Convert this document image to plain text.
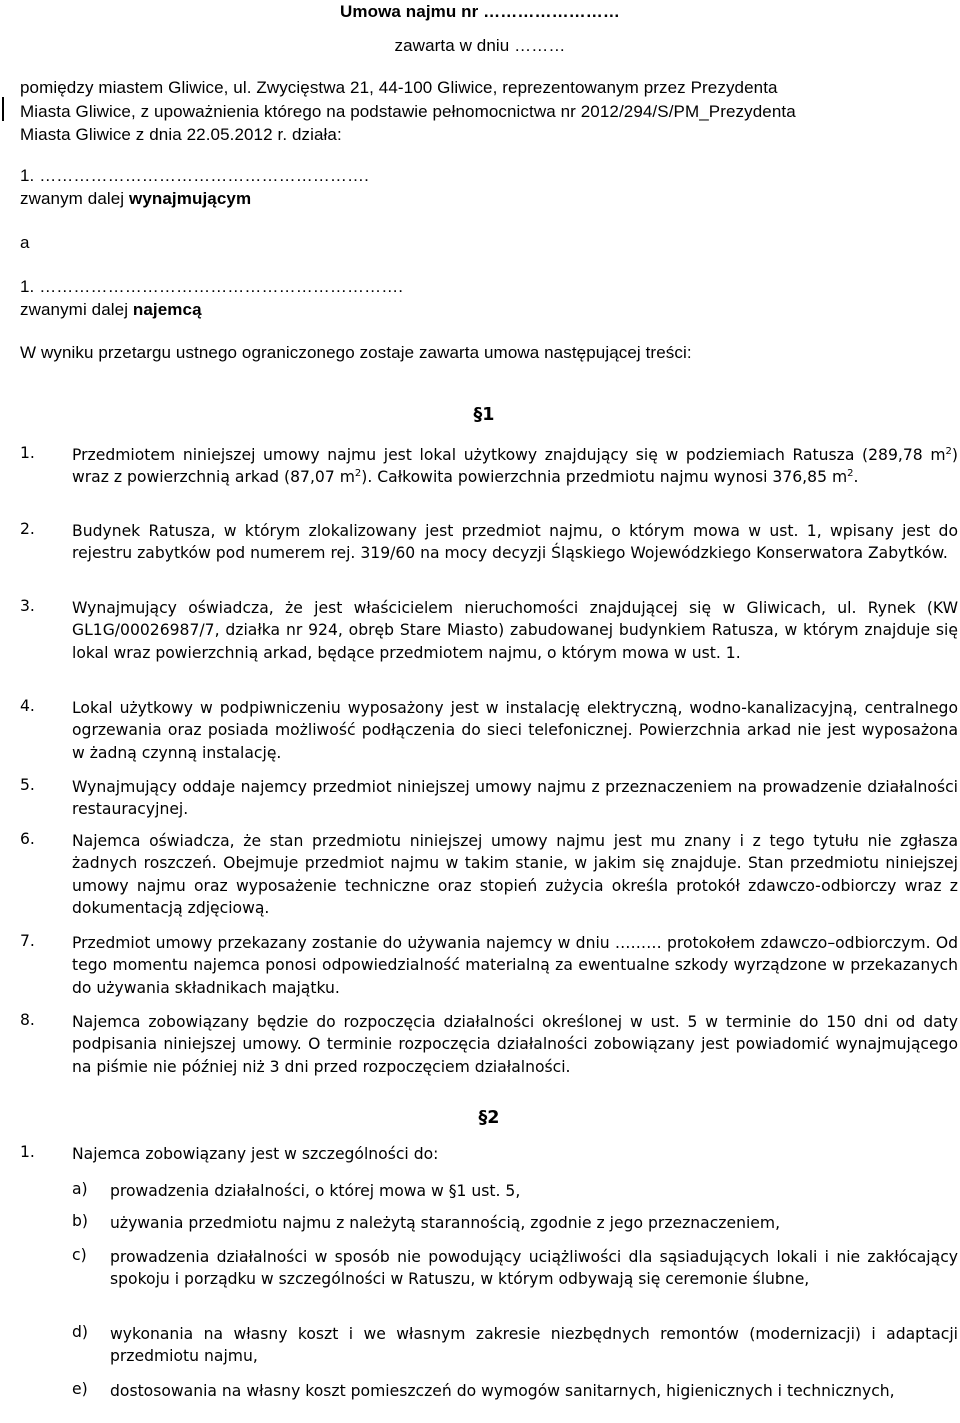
Umowa najmu nr ……………………
zawarta w dniu ………
pomiędzy miastem Gliwice, ul. Zwycięstwa 21, 44-100 Gliwice, reprezentowanym przez Prezydenta
Miasta Gliwice, z upoważnienia którego na podstawie pełnomocnictwa nr 2012/294/S/PM_Prezydenta
Miasta Gliwice z dnia 22.05.2012 r. działa:
1. ………………………………………………….
zwanym dalej wynajmującym
a
1. ……………………………………………………….
zwanymi dalej najemcą
W wyniku przetargu ustnego ograniczonego zostaje zawarta umowa następującej treści:
§1
1. Przedmiotem niniejszej umowy najmu jest lokal użytkowy znajdujący się w podziemiach Ratusza (289,78 $m^2$) wraz z powierzchnią arkad (87,07 $m^2$). Całkowita powierzchnia przedmiotu najmu wynosi 376,85 $m^2$.
2. Budynek Ratusza, w którym zlokalizowany jest przedmiot najmu, o którym mowa w ust. 1, wpisany jest do rejestru zabytków pod numerem rej. 319/60 na mocy decyzji Śląskiego Wojewódzkiego Konserwatora Zabytków.
3. Wynajmujący oświadcza, że jest właścicielem nieruchomości znajdującej się w Gliwicach, ul. Rynek (KW GL1G/00026987/7, działka nr 924, obręb Stare Miasto) zabudowanej budynkiem Ratusza, w którym znajduje się lokal wraz powierzchnią arkad, będące przedmiotem najmu, o którym mowa w ust. 1.
4. Lokal użytkowy w podpiwniczeniu wyposażony jest w instalację elektryczną, wodno-kanalizacyjną, centralnego ogrzewania oraz posiada możliwość podłączenia do sieci telefonicznej. Powierzchnia arkad nie jest wyposażona w żadną czynną instalację.
5. Wynajmujący oddaje najemcy przedmiot niniejszej umowy najmu z przeznaczeniem na prowadzenie działalności restauracyjnej.
6. Najemca oświadcza, że stan przedmiotu niniejszej umowy najmu jest mu znany i z tego tytułu nie zgłasza żadnych roszczeń. Obejmuje przedmiot najmu w takim stanie, w jakim się znajduje. Stan przedmiotu niniejszej umowy najmu oraz wyposażenie techniczne oraz stopień zużycia określa protokół zdawczo-odbiorczy wraz z dokumentacją zdjęciową.
7. Przedmiot umowy przekazany zostanie do używania najemcy w dniu ……… protokołem zdawczo–odbiorczym. Od tego momentu najemca ponosi odpowiedzialność materialną za ewentualne szkody wyrządzone w przekazanych do używania składnikach majątku.
8. Najemca zobowiązany będzie do rozpoczęcia działalności określonej w ust. 5 w terminie do 150 dni od daty podpisania niniejszej umowy. O terminie rozpoczęcia działalności zobowiązany jest powiadomić wynajmującego na piśmie nie później niż 3 dni przed rozpoczęciem działalności.
§2
1. Najemca zobowiązany jest w szczególności do:
a) prowadzenia działalności, o której mowa w §1 ust. 5,
b) używania przedmiotu najmu z należytą starannością, zgodnie z jego przeznaczeniem,
c) prowadzenia działalności w sposób nie powodujący uciążliwości dla sąsiadujących lokali i nie zakłócający spokoju i porządku w szczególności w Ratuszu, w którym odbywają się ceremonie ślubne,
d) wykonania na własny koszt i we własnym zakresie niezbędnych remontów (modernizacji) i adaptacji przedmiotu najmu,
e) dostosowania na własny koszt pomieszczeń do wymogów sanitarnych, higienicznych i technicznych,
